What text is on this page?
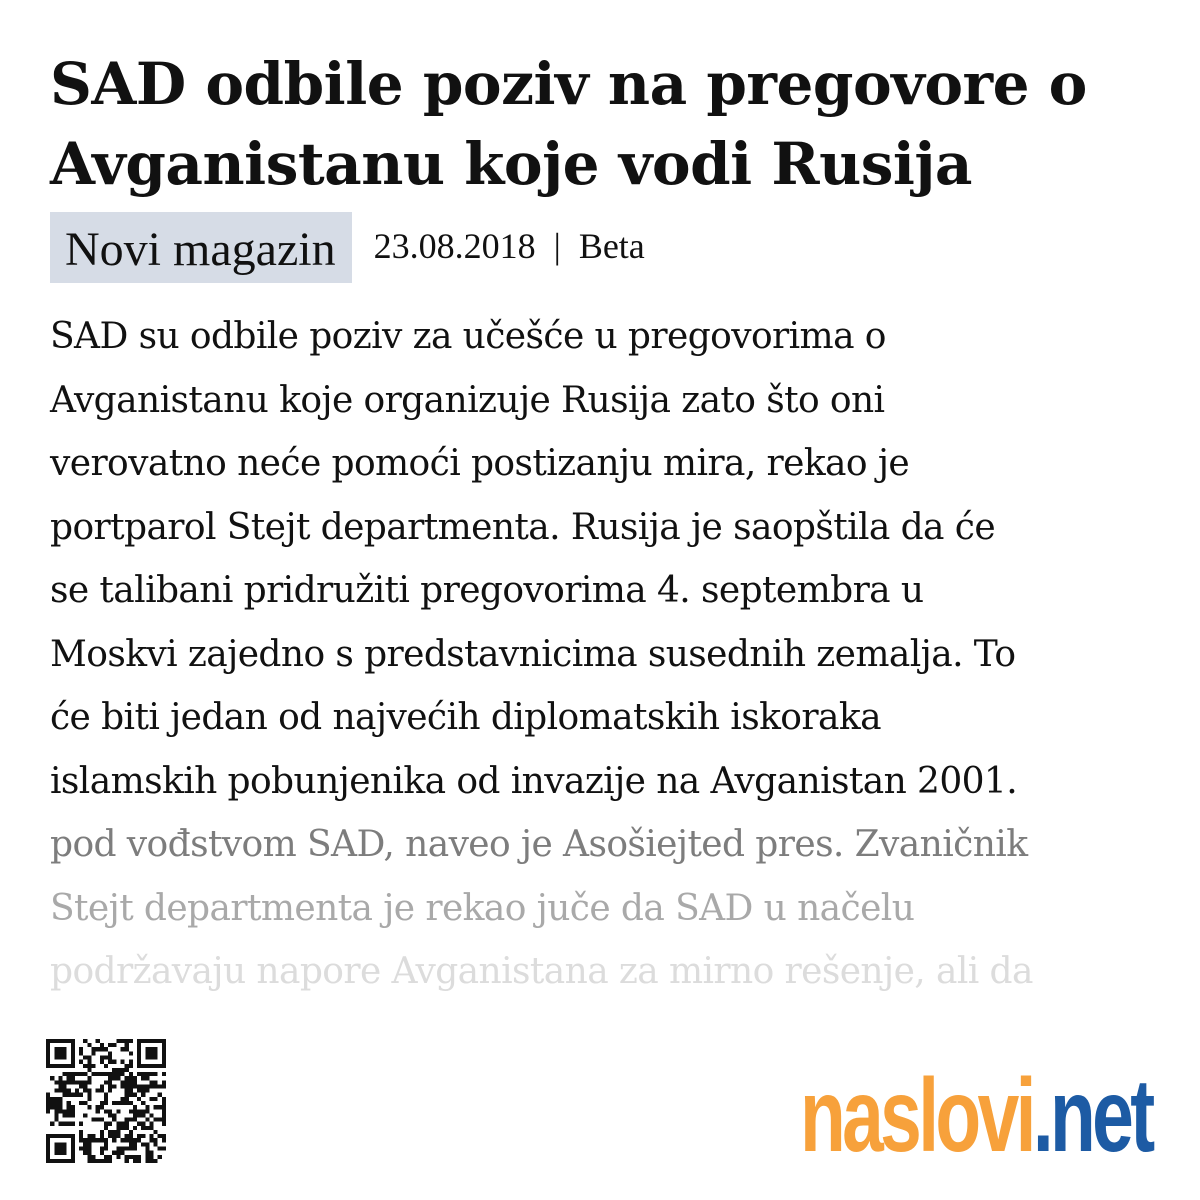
SAD odbile poziv na pregovore o Avganistanu koje vodi Rusija
Novi magazin	23.08.2018 | Beta
SAD su odbile poziv za učešće u pregovorima o
Avganistanu koje organizuje Rusija zato što oni
verovatno neće pomoći postizanju mira, rekao je
portparol Stejt departmenta. Rusija je saopštila da će
se talibani pridružiti pregovorima 4. septembra u
Moskvi zajedno s predstavnicima susednih zemalja. To
će biti jedan od najvećih diplomatskih iskoraka
islamskih pobunjenika od invazije na Avganistan 2001.
pod vođstvom SAD, naveo je Asošiejted pres. Zvaničnik
Stejt departmenta je rekao juče da SAD u načelu
podržavaju napore Avganistana za mirno rešenje, ali da
naslovi .net
